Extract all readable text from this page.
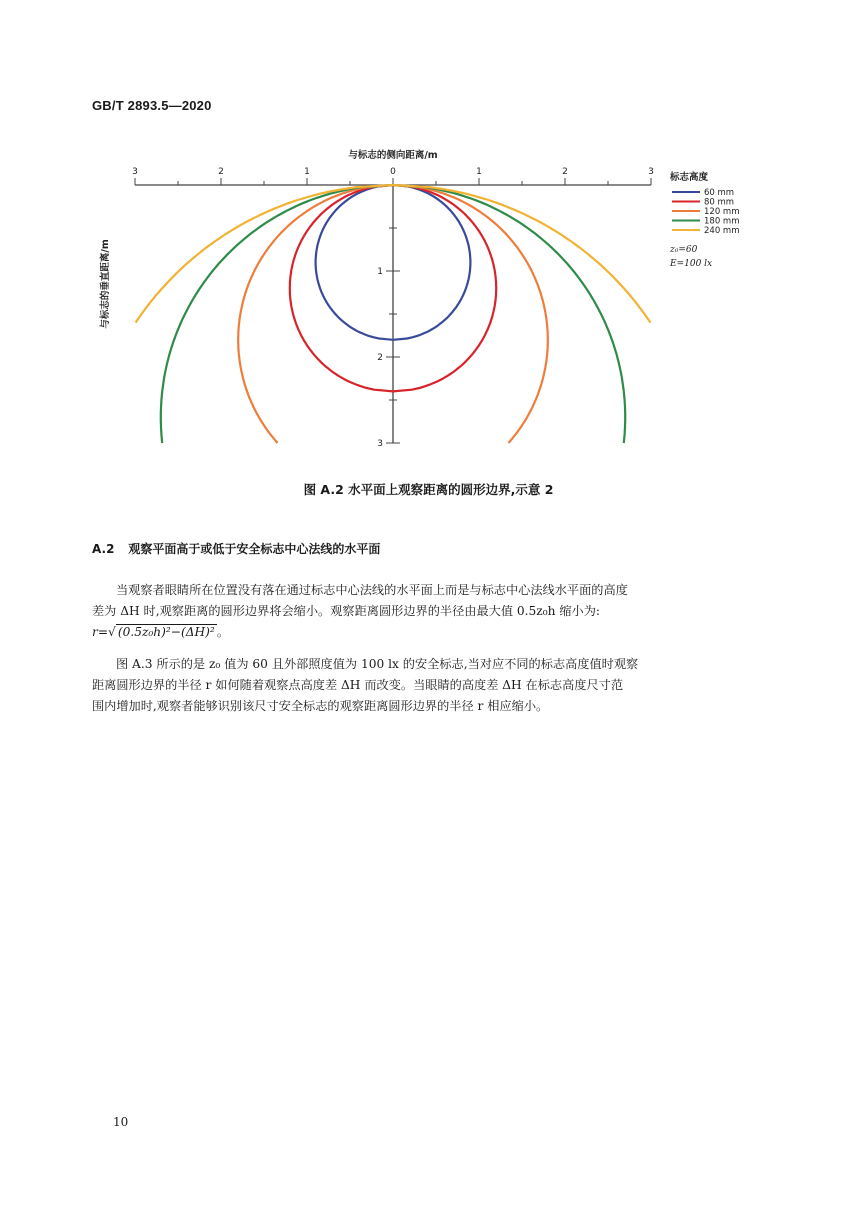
GB/T 2893.5—2020
3	2	1	0	1	2	3
与标志的侧向距离/m
1
2
3
与标志的垂直距离/m
标志高度
60 mm
80 mm
120 mm
180 mm
240 mm
z₀=60
E=100 lx
图 A.2 水平面上观察距离的圆形边界,示意 2
A.2 观察平面高于或低于安全标志中心法线的水平面

当观察者眼睛所在位置没有落在通过标志中心法线的水平面上而是与标志中心法线水平面的高度

差为 ΔH 时,观察距离的圆形边界将会缩小。观察距离圆形边界的半径由最大值 0.5z₀h 缩小为:
r=√ (0.5z₀h)²−(ΔH)² 。

图 A.3 所示的是 z₀ 值为 60 且外部照度值为 100 lx 的安全标志,当对应不同的标志高度值时观察

距离圆形边界的半径 r 如何随着观察点高度差 ΔH 而改变。当眼睛的高度差 ΔH 在标志高度尺寸范
围内增加时,观察者能够识别该尺寸安全标志的观察距离圆形边界的半径 r 相应缩小。
10
